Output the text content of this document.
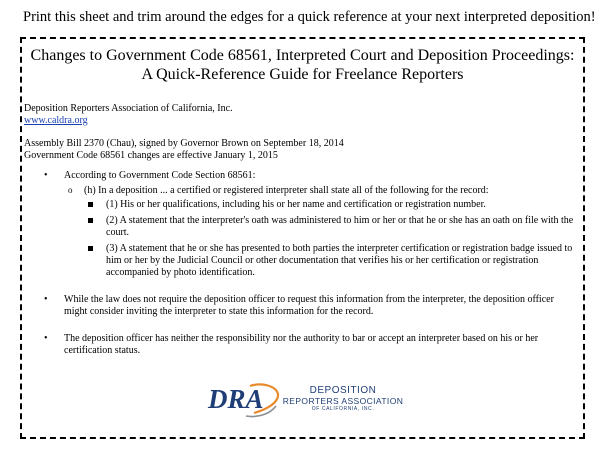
Print this sheet and trim around the edges for a quick reference at your next interpreted deposition!
Changes to Government Code 68561, Interpreted Court and Deposition Proceedings:
A Quick-Reference Guide for Freelance Reporters
Deposition Reporters Association of California, Inc.
www.caldra.org
Assembly Bill 2370 (Chau), signed by Governor Brown on September 18, 2014
Government Code 68561 changes are effective January 1, 2015
• According to Government Code Section 68561:
o (h) In a deposition ... a certified or registered interpreter shall state all of the following for the record:
(1) His or her qualifications, including his or her name and certification or registration number.
(2) A statement that the interpreter's oath was administered to him or her or that he or she has an oath on file with the court.
(3) A statement that he or she has presented to both parties the interpreter certification or registration badge issued to him or her by the Judicial Council or other documentation that verifies his or her certification or registration accompanied by photo identification.
• While the law does not require the deposition officer to request this information from the interpreter, the deposition officer might consider inviting the interpreter to state this information for the record.
• The deposition officer has neither the responsibility nor the authority to bar or accept an interpreter based on his or her certification status.
DRA	DEPOSITION
REPORTERS ASSOCIATION
OF CALIFORNIA, INC.
